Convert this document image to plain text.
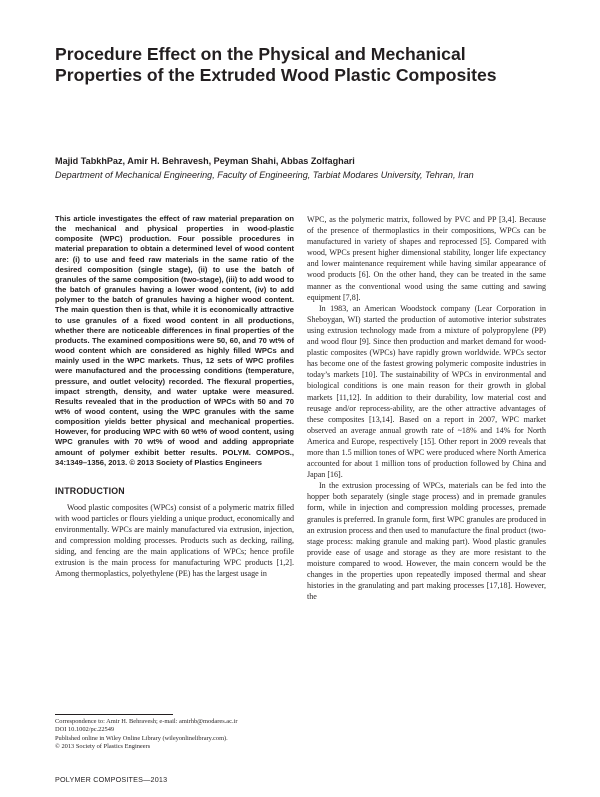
Procedure Effect on the Physical and Mechanical Properties of the Extruded Wood Plastic Composites
Majid TabkhPaz, Amir H. Behravesh, Peyman Shahi, Abbas Zolfaghari
Department of Mechanical Engineering, Faculty of Engineering, Tarbiat Modares University, Tehran, Iran

This article investigates the effect of raw material preparation on the mechanical and physical properties in wood-plastic composite (WPC) production. Four possible procedures in material preparation to obtain a determined level of wood content are: (i) to use and feed raw materials in the same ratio of the desired composition (single stage), (ii) to use the batch of granules of the same composition (two-stage), (iii) to add wood to the batch of granules having a lower wood content, (iv) to add polymer to the batch of granules having a higher wood content. The main question then is that, while it is economically attractive to use granules of a fixed wood content in all productions, whether there are noticeable differences in final properties of the products. The examined compositions were 50, 60, and 70 wt% of wood content which are considered as highly filled WPCs and mainly used in the WPC markets. Thus, 12 sets of WPC profiles were manufactured and the processing conditions (temperature, pressure, and outlet velocity) recorded. The flexural properties, impact strength, density, and water uptake were measured. Results revealed that in the production of WPCs with 50 and 70 wt% of wood content, using the WPC granules with the same composition yields better physical and mechanical properties. However, for producing WPC with 60 wt% of wood content, using WPC granules with 70 wt% of wood and adding appropriate amount of polymer exhibit better results. POLYM. COMPOS., 34:1349–1356, 2013. © 2013 Society of Plastics Engineers

INTRODUCTION

Wood plastic composites (WPCs) consist of a polymeric matrix filled with wood particles or flours yielding a unique product, economically and environmentally. WPCs are mainly manufactured via extrusion, injection, and compression molding processes. Products such as decking, railing, siding, and fencing are the main applications of WPCs; hence profile extrusion is the main process for manufacturing WPC products [1,2]. Among thermoplastics, polyethylene (PE) has the largest usage in

WPC, as the polymeric matrix, followed by PVC and PP [3,4]. Because of the presence of thermoplastics in their compositions, WPCs can be manufactured in variety of shapes and reprocessed [5]. Compared with wood, WPCs present higher dimensional stability, longer life expectancy and lower maintenance requirement while having similar appearance of wood products [6]. On the other hand, they can be treated in the same manner as the conventional wood using the same cutting and sawing equipment [7,8].

In 1983, an American Woodstock company (Lear Corporation in Sheboygan, WI) started the production of automotive interior substrates using extrusion technology made from a mixture of polypropylene (PP) and wood flour [9]. Since then production and market demand for wood-plastic composites (WPCs) have rapidly grown worldwide. WPCs sector has become one of the fastest growing polymeric composite industries in today’s markets [10]. The sustainability of WPCs in environmental and biological conditions is one main reason for their growth in global markets [11,12]. In addition to their durability, low material cost and reusage and/or reprocess-ability, are the other attractive advantages of these composites [13,14]. Based on a report in 2007, WPC market observed an average annual growth rate of ~18% and 14% for North America and Europe, respectively [15]. Other report in 2009 reveals that more than 1.5 million tones of WPC were produced where North America accounted for about 1 million tons of production followed by China and Japan [16].

In the extrusion processing of WPCs, materials can be fed into the hopper both separately (single stage process) and in premade granules form, while in injection and compression molding processes, premade granules is preferred. In granule form, first WPC granules are produced in an extrusion process and then used to manufacture the final product (two-stage process: making granule and making part). Wood plastic granules provide ease of usage and storage as they are more resistant to the moisture compared to wood. However, the main concern would be the changes in the properties upon repeatedly imposed thermal and shear histories in the granulating and part making processes [17,18]. However, the

Correspondence to: Amir H. Behravesh; e-mail: amirhb@modares.ac.ir
DOI 10.1002/pc.22549
Published online in Wiley Online Library (wileyonlinelibrary.com).
© 2013 Society of Plastics Engineers
POLYMER COMPOSITES—2013
